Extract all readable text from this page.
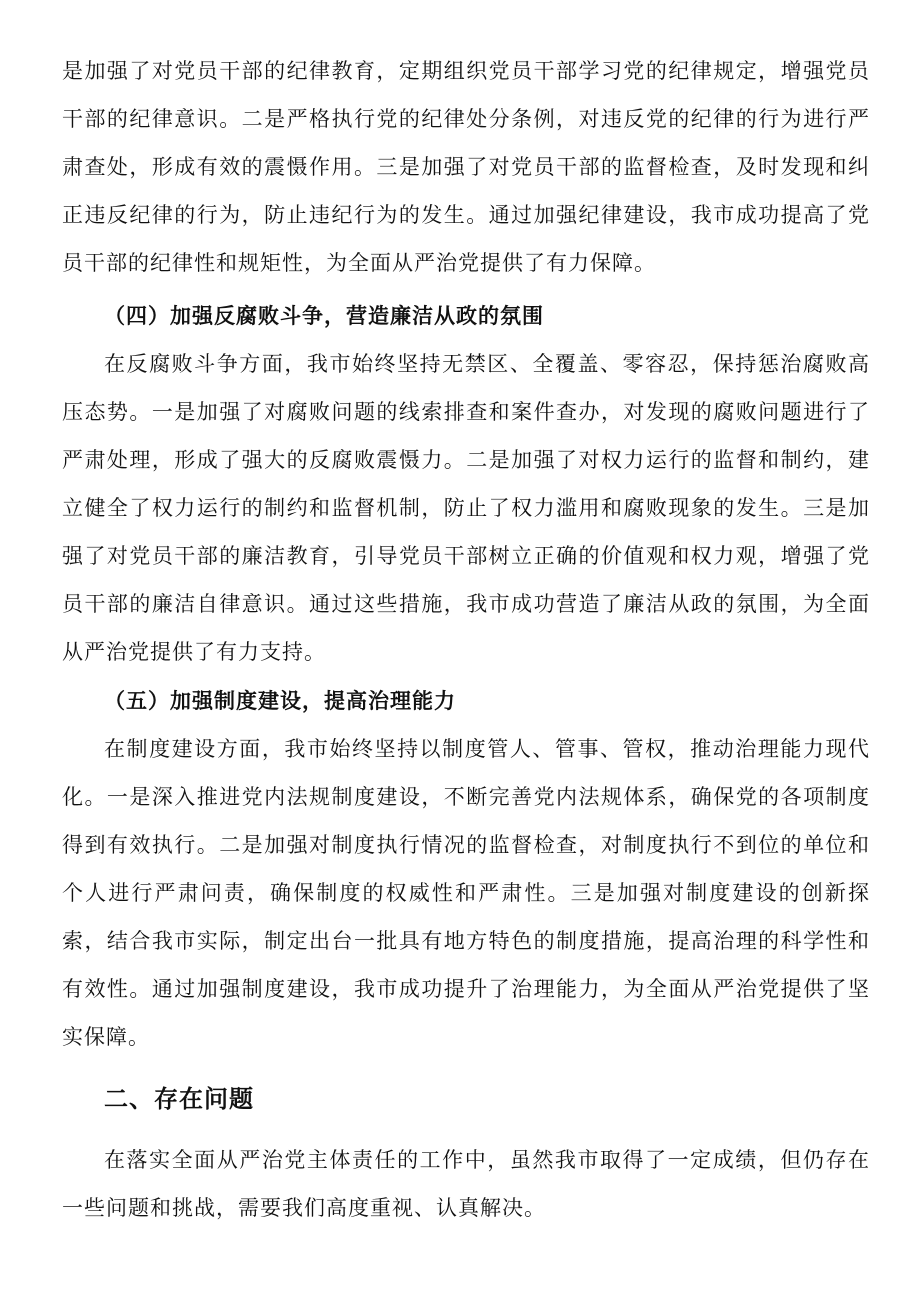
是加强了对党员干部的纪律教育，定期组织党员干部学习党的纪律规定，增强党员干部的纪律意识。二是严格执行党的纪律处分条例，对违反党的纪律的行为进行严肃查处，形成有效的震慑作用。三是加强了对党员干部的监督检查，及时发现和纠正违反纪律的行为，防止违纪行为的发生。通过加强纪律建设，我市成功提高了党员干部的纪律性和规矩性，为全面从严治党提供了有力保障。

（四）加强反腐败斗争，营造廉洁从政的氛围

在反腐败斗争方面，我市始终坚持无禁区、全覆盖、零容忍，保持惩治腐败高压态势。一是加强了对腐败问题的线索排查和案件查办，对发现的腐败问题进行了严肃处理，形成了强大的反腐败震慑力。二是加强了对权力运行的监督和制约，建立健全了权力运行的制约和监督机制，防止了权力滥用和腐败现象的发生。三是加强了对党员干部的廉洁教育，引导党员干部树立正确的价值观和权力观，增强了党员干部的廉洁自律意识。通过这些措施，我市成功营造了廉洁从政的氛围，为全面从严治党提供了有力支持。

（五）加强制度建设，提高治理能力

在制度建设方面，我市始终坚持以制度管人、管事、管权，推动治理能力现代化。一是深入推进党内法规制度建设，不断完善党内法规体系，确保党的各项制度得到有效执行。二是加强对制度执行情况的监督检查，对制度执行不到位的单位和个人进行严肃问责，确保制度的权威性和严肃性。三是加强对制度建设的创新探索，结合我市实际，制定出台一批具有地方特色的制度措施，提高治理的科学性和有效性。通过加强制度建设，我市成功提升了治理能力，为全面从严治党提供了坚实保障。

二、存在问题

在落实全面从严治党主体责任的工作中，虽然我市取得了一定成绩，但仍存在一些问题和挑战，需要我们高度重视、认真解决。
